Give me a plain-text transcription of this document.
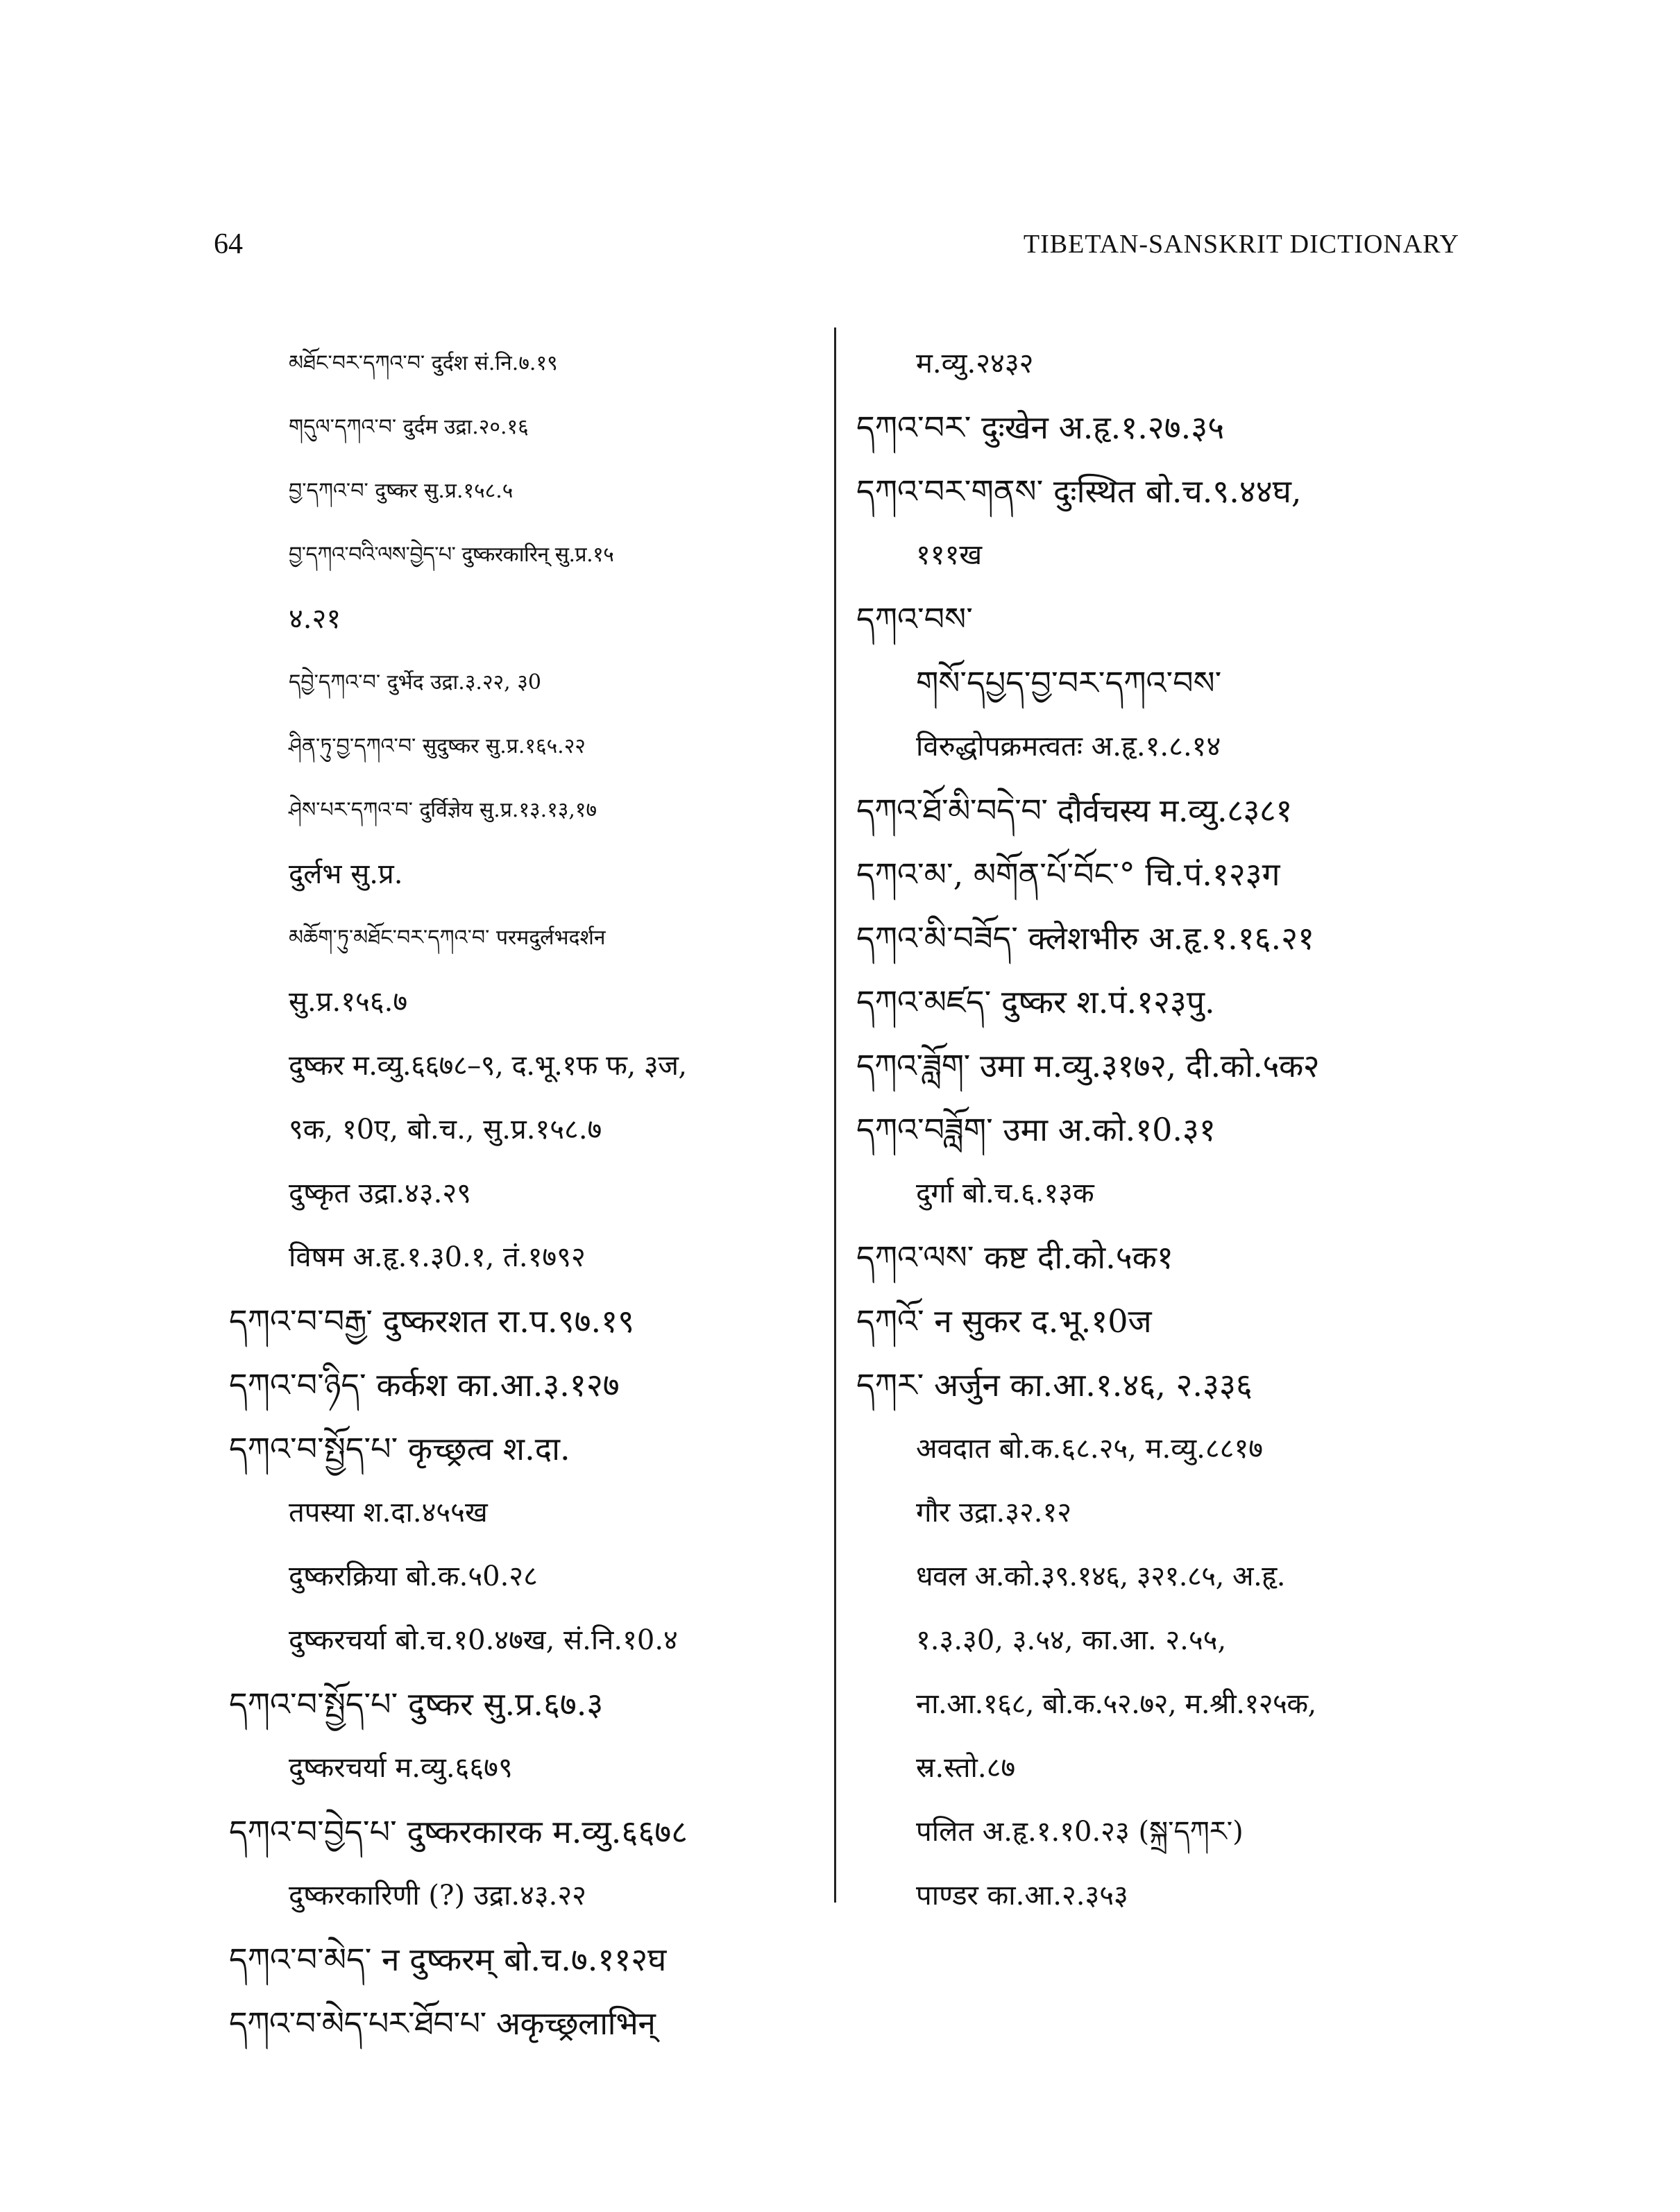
64	TIBETAN-SANSKRIT DICTIONARY
མཐོང་བར་དཀའ་བ་ दुर्दश सं.नि.७.१९
གདུལ་དཀའ་བ་ दुर्दम उद्रा.२०.१६
བྱ་དཀའ་བ་ दुष्कर सु.प्र.१५८.५
བྱ་དཀའ་བའི་ལས་བྱེད་པ་ दुष्करकारिन् सु.प्र.१५
४.२१
དབྱེ་དཀའ་བ་ दुर्भेद उद्रा.३.२२, ३0
ཤིན་ཏུ་བྱ་དཀའ་བ་ सुदुष्कर सु.प्र.१६५.२२
ཤེས་པར་དཀའ་བ་ दुर्विज्ञेय सु.प्र.१३.१३,१७
दुर्लभ सु.प्र.
མཆོག་ཏུ་མཐོང་བར་དཀའ་བ་ परमदुर्लभदर्शन
सु.प्र.१५६.७
दुष्कर म.व्यु.६६७८–९, द.भू.१फ फ, ३ज,
९क, १0ए, बो.च., सु.प्र.१५८.७
दुष्कृत उद्रा.४३.२९
विषम अ.हृ.१.३0.१, तं.१७९२
དཀའ་བ་བརྒྱ་ दुष्करशत रा.प.९७.१९
དཀའ་བ་ཉིད་ कर्कश का.आ.३.१२७
དཀའ་བ་སྤྱོད་པ་ कृच्छ्रत्व श.दा.
तपस्या श.दा.४५५ख
दुष्करक्रिया बो.क.५0.२८
दुष्करचर्या बो.च.१0.४७ख, सं.नि.१0.४
དཀའ་བ་སྤྱོད་པ་ दुष्कर सु.प्र.६७.३
दुष्करचर्या म.व्यु.६६७९
དཀའ་བ་བྱེད་པ་ दुष्करकारक म.व्यु.६६७८
दुष्करकारिणी (?) उद्रा.४३.२२
དཀའ་བ་མེད་ न दुष्करम् बो.च.७.११२घ
དཀའ་བ་མེད་པར་ཐོབ་པ་ अकृच्छ्रलाभिन्
म.व्यु.२४३२
དཀའ་བར་ दुःखेन अ.हृ.१.२७.३५
དཀའ་བར་གནས་ दुःस्थित बो.च.९.४४घ,
१११ख
དཀའ་བས་
གསོ་དཔྱད་བྱ་བར་དཀའ་བས་
विरुद्धोपक्रमत्वतः अ.हृ.१.८.१४
དཀའ་ཐོ་མི་བདེ་བ་ दौर्वचस्य म.व्यु.८३८१
དཀའ་མ་, མགོན་པོ་བོང་° चि.पं.१२३ग
དཀའ་མི་བཟོད་ क्लेशभीरु अ.हृ.१.१६.२१
དཀའ་མཛད་ दुष्कर श.पं.१२३पु.
དཀའ་ཟློག་ उमा म.व्यु.३१७२, दी.को.५क२
དཀའ་བཟློག་ उमा अ.को.१0.३१
दुर्गा बो.च.६.१३क
དཀའ་ལས་ कष्ट दी.को.५क१
དཀའོ་ न सुकर द.भू.१0ज
དཀར་ अर्जुन का.आ.१.४६, २.३३६
अवदात बो.क.६८.२५, म.व्यु.८८१७
गौर उद्रा.३२.१२
धवल अ.को.३९.१४६, ३२१.८५, अ.हृ.
१.३.३0, ३.५४, का.आ. २.५५,
ना.आ.१६८, बो.क.५२.७२, म.श्री.१२५क,
स्र.स्तो.८७
पलित अ.हृ.१.१0.२३ (སྐྲ་དཀར་)
पाण्डर का.आ.२.३५३
